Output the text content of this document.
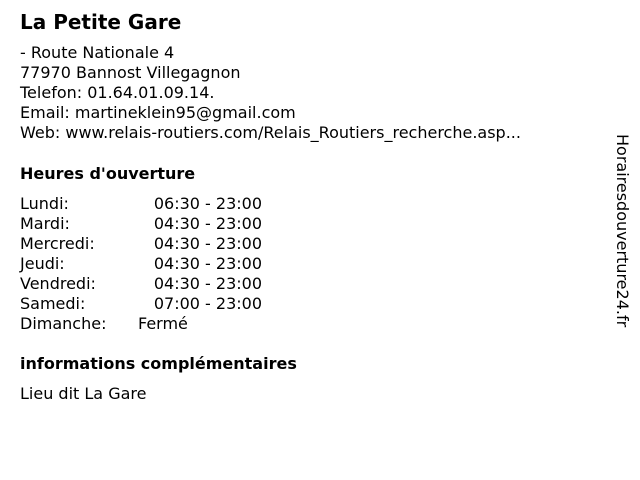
La Petite Gare
- Route Nationale 4
77970 Bannost Villegagnon
Telefon: 01.64.01.09.14.
Email: martineklein95@gmail.com
Web: www.relais-routiers.com/Relais_Routiers_recherche.asp...
Heures d'ouverture
Lundi:	06:30 - 23:00
Mardi:	04:30 - 23:00
Mercredi:	04:30 - 23:00
Jeudi:	04:30 - 23:00
Vendredi:	04:30 - 23:00
Samedi:	07:00 - 23:00
Dimanche: Fermé
informations complémentaires
Lieu dit La Gare
Horairesdouverture24.fr
